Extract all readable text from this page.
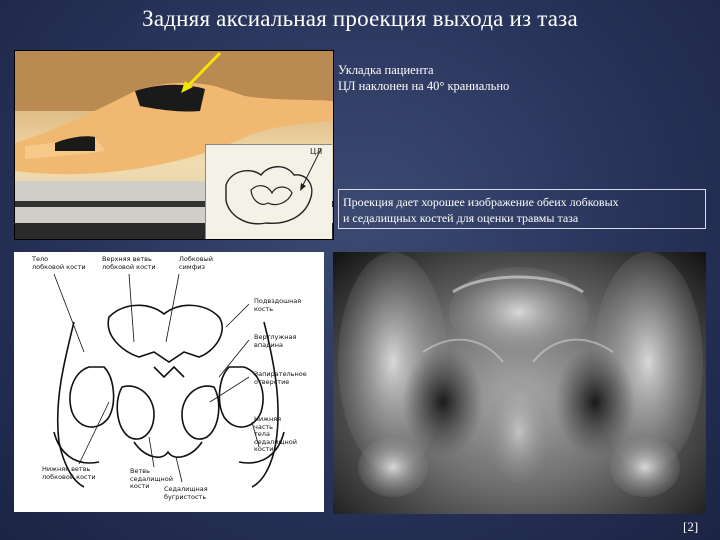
Задняя аксиальная проекция выхода из таза
ЦЛ
Укладка пациента
ЦЛ наклонен на 40° краниально
Проекция дает хорошее изображение обеих лобковых
и седалищных костей для оценки травмы таза
Тело
лобковой кости
Верхняя ветвь
лобковой кости
Лобковый
симфиз
Подвздошная
кость
Вертлужная
впадина
Запирательное
отверстие
Нижняя
часть
тела
седалищной
кости
Нижняя ветвь
лобковой кости
Ветвь
седалищной
кости	Седалищная
бугристость
[2]
